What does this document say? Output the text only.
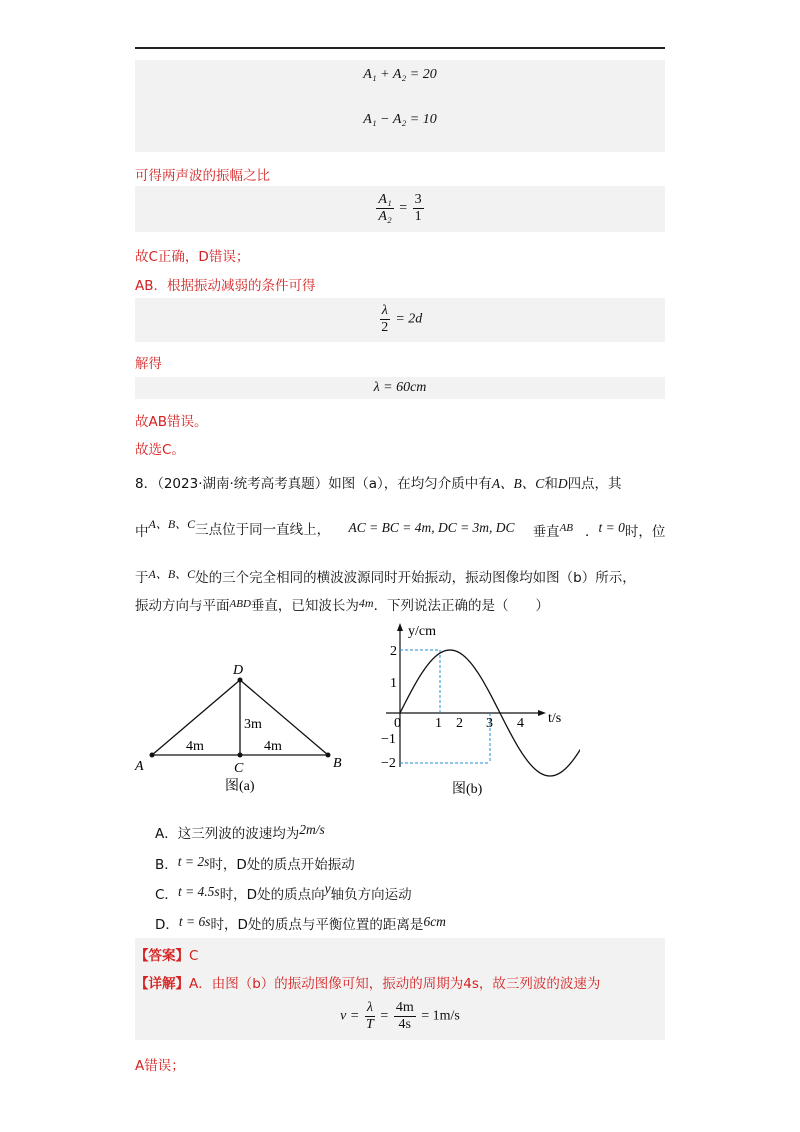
A₁ + A₂ = 20
A₁ − A₂ = 10
可得两声波的振幅之比
$\frac{\text{A₁}}{\text{A₂}} = \frac{3}{1}$
故C正确，D错误；
AB．根据振动减弱的条件可得
$\frac{\lambda}{2} = 2d$
解得
λ = 60cm
故AB错误。
故选C。
8．（2023·湖南·统考高考真题）如图（a），在均匀介质中有A、B、C和D四点，其
中A、B、C三点位于同一直线上， AC = BC = 4m, DC = 3m, DC 垂直$^{AB}$ ．t = 0时，位
于A、B、C处的三个完全相同的横波波源同时开始振动，振动图像均如图（b）所示，
振动方向与平面$^{ABD}$垂直，已知波长为4m．下列说法正确的是（　　）
A	B
C
D
4m	4m
3m
图(a)
y/cm
t/s
2
1
−1
−2
0 1 2 3 4
图(b)
A．这三列波的波速均为2m/s
B．t = 2s时，D处的质点开始振动
C．t = 4.5s时，D处的质点向y轴负方向运动
D．t = 6s时，D处的质点与平衡位置的距离是6cm
【答案】C
【详解】A．由图（b）的振动图像可知，振动的周期为4s，故三列波的波速为
$v = \frac{\lambda}{T} = \frac{4m}{4s} = 1m/s$
A错误；
